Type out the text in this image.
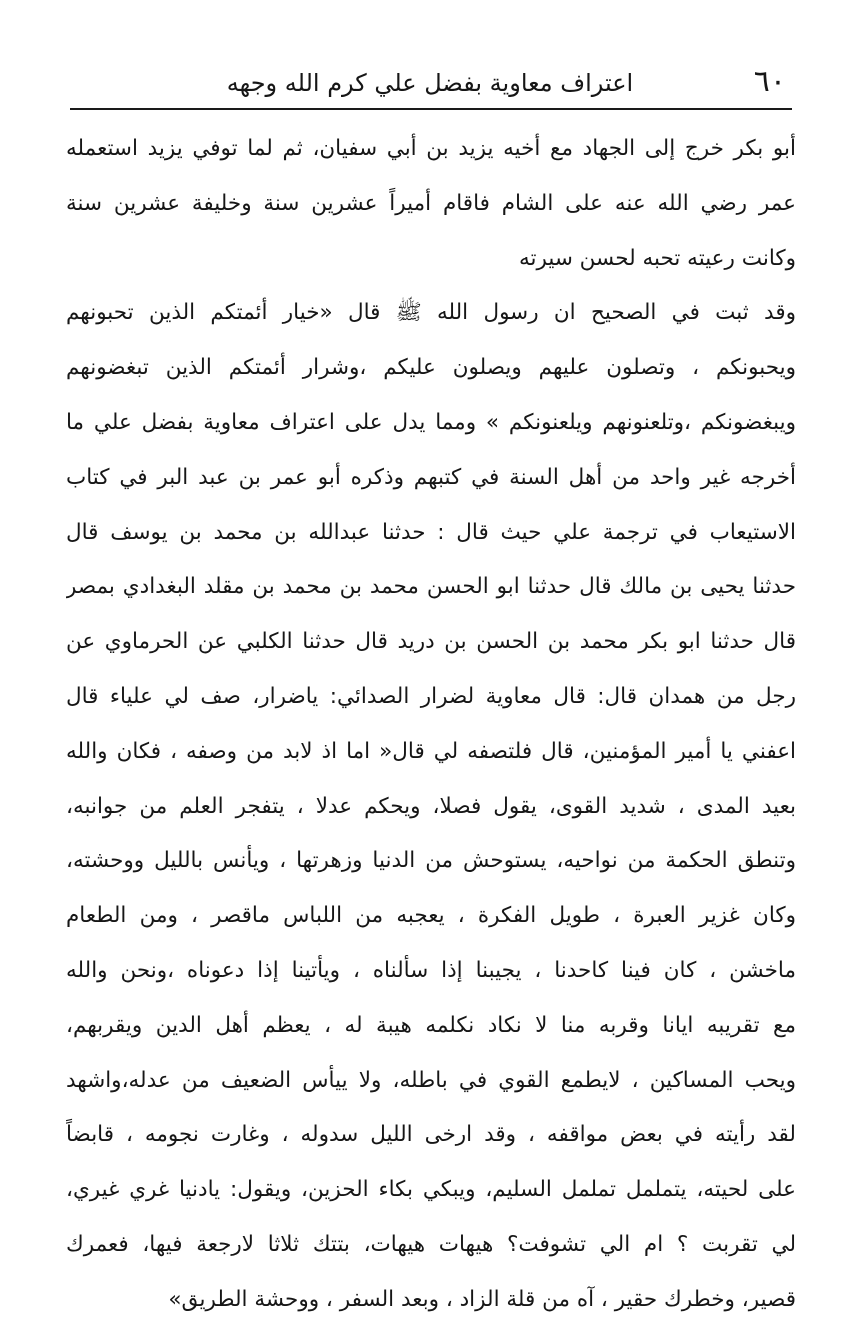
٦٠
اعتراف معاوية بفضل علي كرم الله وجهه
أبو بكر خرج إلى الجهاد مع أخيه يزيد بن أبي سفيان، ثم لما توفي يزيد استعمله
عمر رضي الله عنه على الشام فاقام أميراً عشرين سنة وخليفة عشرين سنة
وكانت رعيته تحبه لحسن سيرته
وقد ثبت في الصحيح ان رسول الله ﷺ قال «خيار أئمتكم الذين تحبونهم
ويحبونكم ، وتصلون عليهم ويصلون عليكم ،وشرار أئمتكم الذين تبغضونهم
ويبغضونكم ،وتلعنونهم ويلعنونكم » ومما يدل على اعتراف معاوية بفضل علي ما
أخرجه غير واحد من أهل السنة في كتبهم وذكره أبو عمر بن عبد البر في كتاب
الاستيعاب في ترجمة علي حيث قال : حدثنا عبدالله بن محمد بن يوسف قال
حدثنا يحيى بن مالك قال حدثنا ابو الحسن محمد بن محمد بن مقلد البغدادي بمصر
قال حدثنا ابو بكر محمد بن الحسن بن دريد قال حدثنا الكلبي عن الحرماوي عن
رجل من همدان قال: قال معاوية لضرار الصدائي: ياضرار، صف لي علياء قال
اعفني يا أمير المؤمنين، قال فلتصفه لي قال« اما اذ لابد من وصفه ، فكان والله
بعيد المدى ، شديد القوى، يقول فصلا، ويحكم عدلا ، يتفجر العلم من جوانبه،
وتنطق الحكمة من نواحيه، يستوحش من الدنيا وزهرتها ، ويأنس بالليل ووحشته،
وكان غزير العبرة ، طويل الفكرة ، يعجبه من اللباس ماقصر ، ومن الطعام
ماخشن ، كان فينا كاحدنا ، يجيبنا إذا سألناه ، ويأتينا إذا دعوناه ،ونحن والله
مع تقريبه ايانا وقربه منا لا نكاد نكلمه هيبة له ، يعظم أهل الدين ويقربهم،
ويحب المساكين ، لايطمع القوي في باطله، ولا ييأس الضعيف من عدله،واشهد
لقد رأيته في بعض مواقفه ، وقد ارخى الليل سدوله ، وغارت نجومه ، قابضاً
على لحيته، يتململ تململ السليم، ويبكي بكاء الحزين، ويقول: يادنيا غري غيري،
لي تقربت ؟ ام الي تشوفت؟ هيهات هيهات، بتتك ثلاثا لارجعة فيها، فعمرك
قصير، وخطرك حقير ، آه من قلة الزاد ، وبعد السفر ، ووحشة الطريق»
